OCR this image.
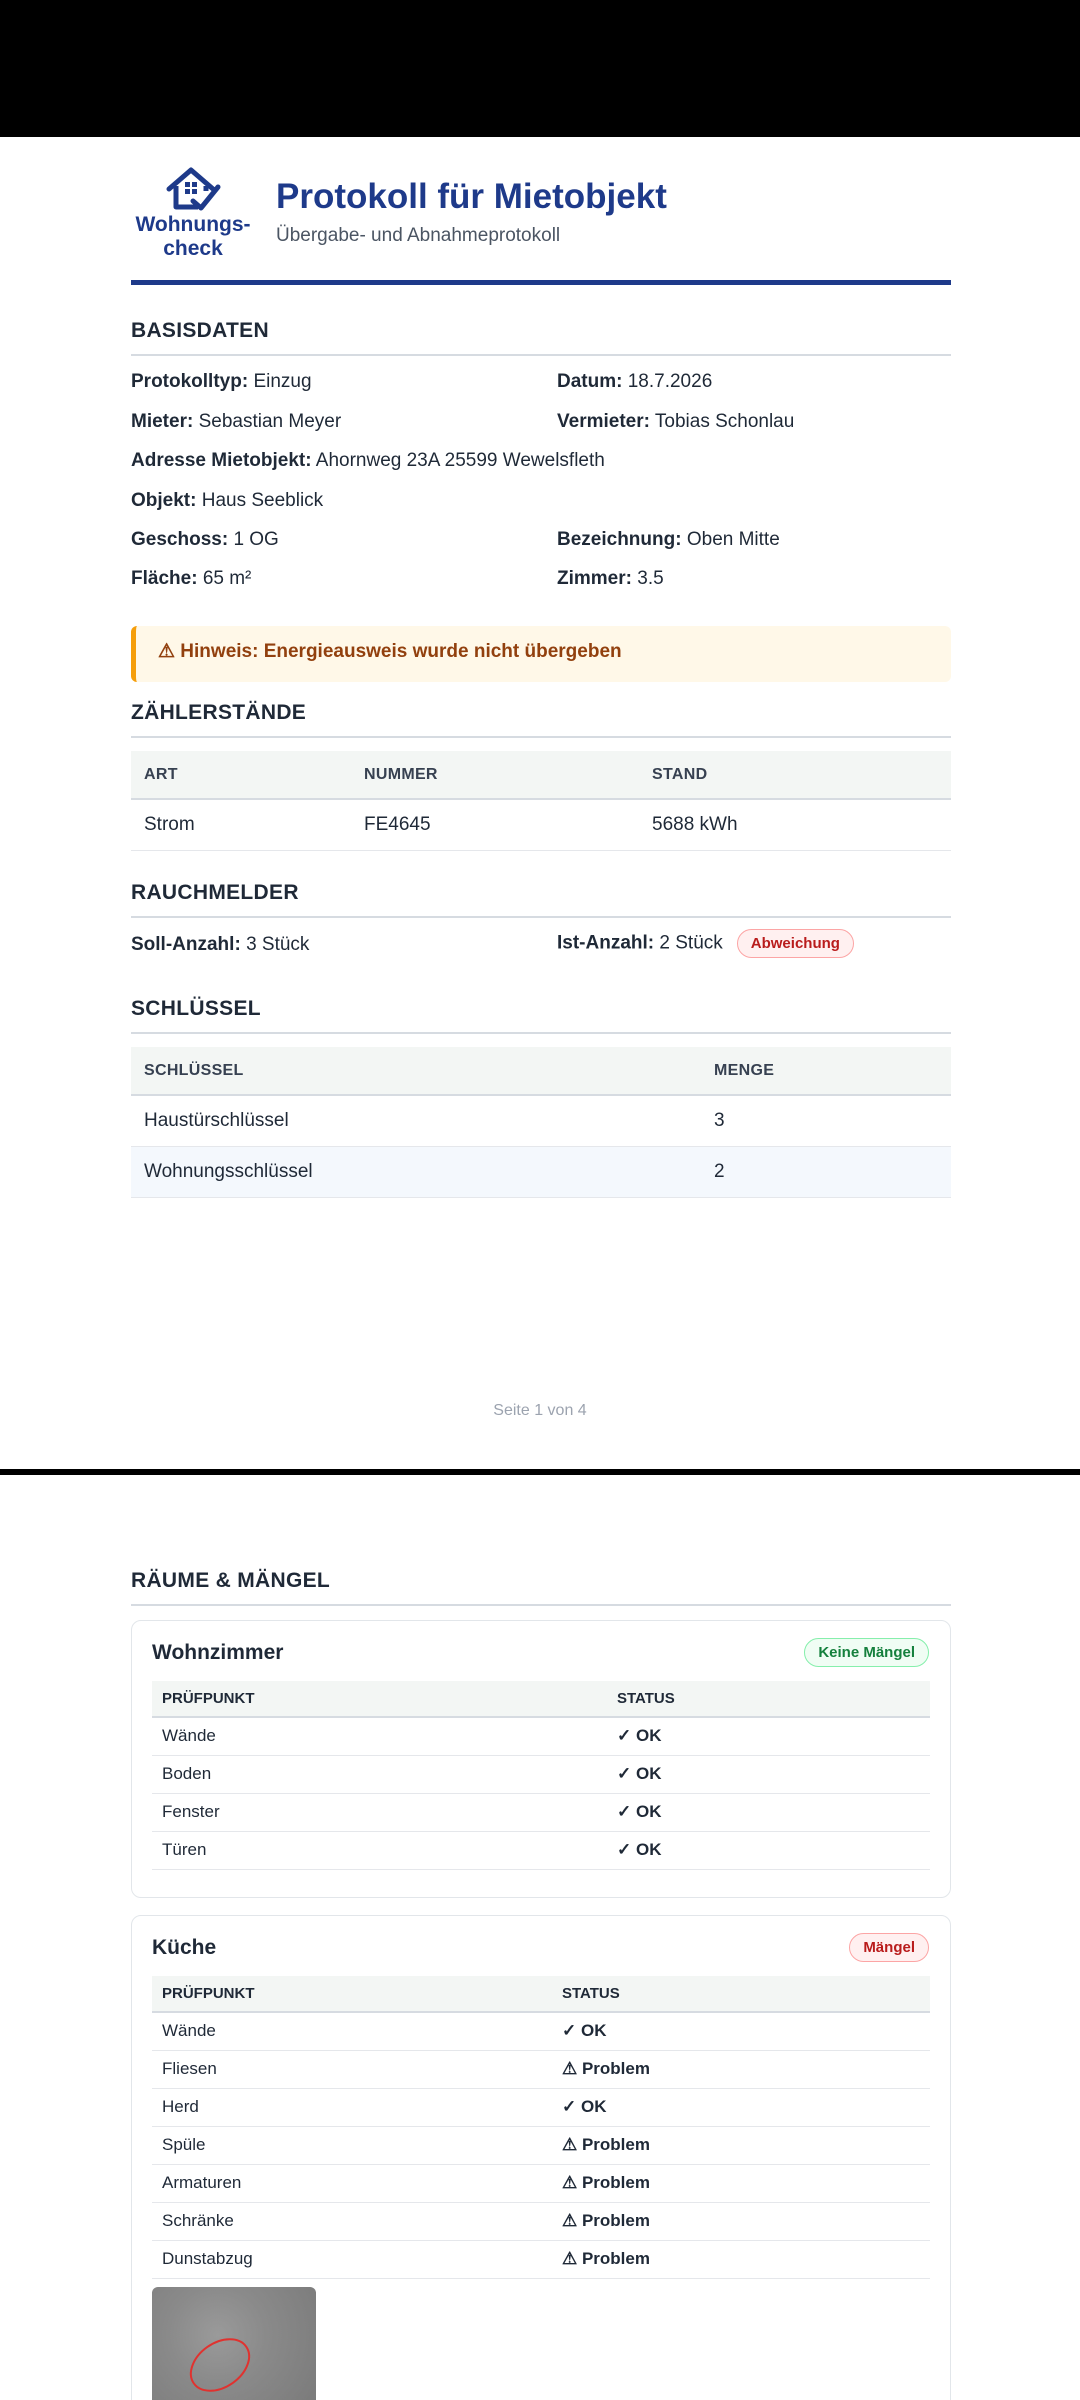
Wohnungs-
check
Protokoll für Mietobjekt
Übergabe- und Abnahmeprotokoll
BASISDATEN
Protokolltyp: Einzug	Datum: 18.7.2026
Mieter: Sebastian Meyer	Vermieter: Tobias Schonlau
Adresse Mietobjekt: Ahornweg 23A 25599 Wewelsfleth
Objekt: Haus Seeblick
Geschoss: 1 OG	Bezeichnung: Oben Mitte
Fläche: 65 m²	Zimmer: 3.5
⚠ Hinweis: Energieausweis wurde nicht übergeben
ZÄHLERSTÄNDE
ART	NUMMER	STAND
Strom	FE4645	5688 kWh
RAUCHMELDER
Soll-Anzahl: 3 Stück	Ist-Anzahl: 2 Stück Abweichung
SCHLÜSSEL
SCHLÜSSEL	MENGE
Haustürschlüssel	3
Wohnungsschlüssel	2
Seite 1 von 4
RÄUME & MÄNGEL
Wohnzimmer	Keine Mängel
PRÜFPUNKT	STATUS
Wände	✓ OK
Boden	✓ OK
Fenster	✓ OK
Türen	✓ OK
Küche	Mängel
PRÜFPUNKT	STATUS
Wände	✓ OK
Fliesen	⚠ Problem
Herd	✓ OK
Spüle	⚠ Problem
Armaturen	⚠ Problem
Schränke	⚠ Problem
Dunstabzug	⚠ Problem
